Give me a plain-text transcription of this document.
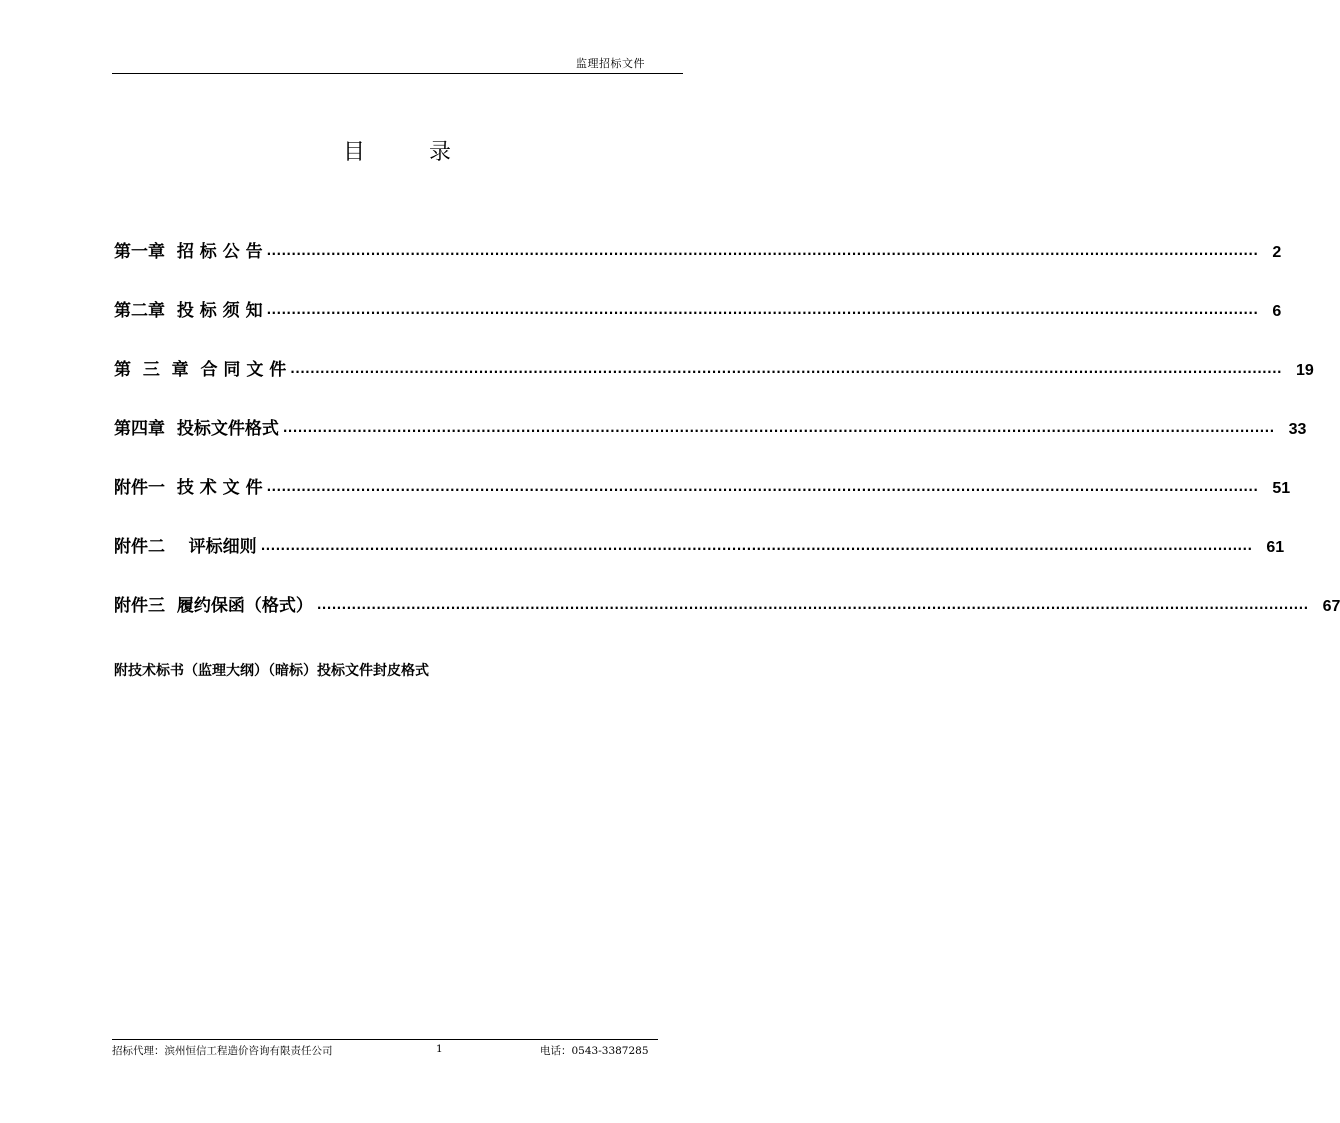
监理招标文件
目	录
第一章  招 标 公 告 ........................................................................................................................................................................................................ 2
第二章  投 标 须 知 ........................................................................................................................................................................................................ 6
第  三  章  合 同 文 件 ........................................................................................................................................................................................................ 19
第四章  投标文件格式 ........................................................................................................................................................................................................ 33
附件一  技 术 文 件 ........................................................................................................................................................................................................ 51
附件二    评标细则 ........................................................................................................................................................................................................ 61
附件三  履约保函（格式） ........................................................................................................................................................................................................ 67
附技术标书（监理大纲）（暗标）投标文件封皮格式
招标代理：滨州恒信工程造价咨询有限责任公司	1	电话：0543-3387285
